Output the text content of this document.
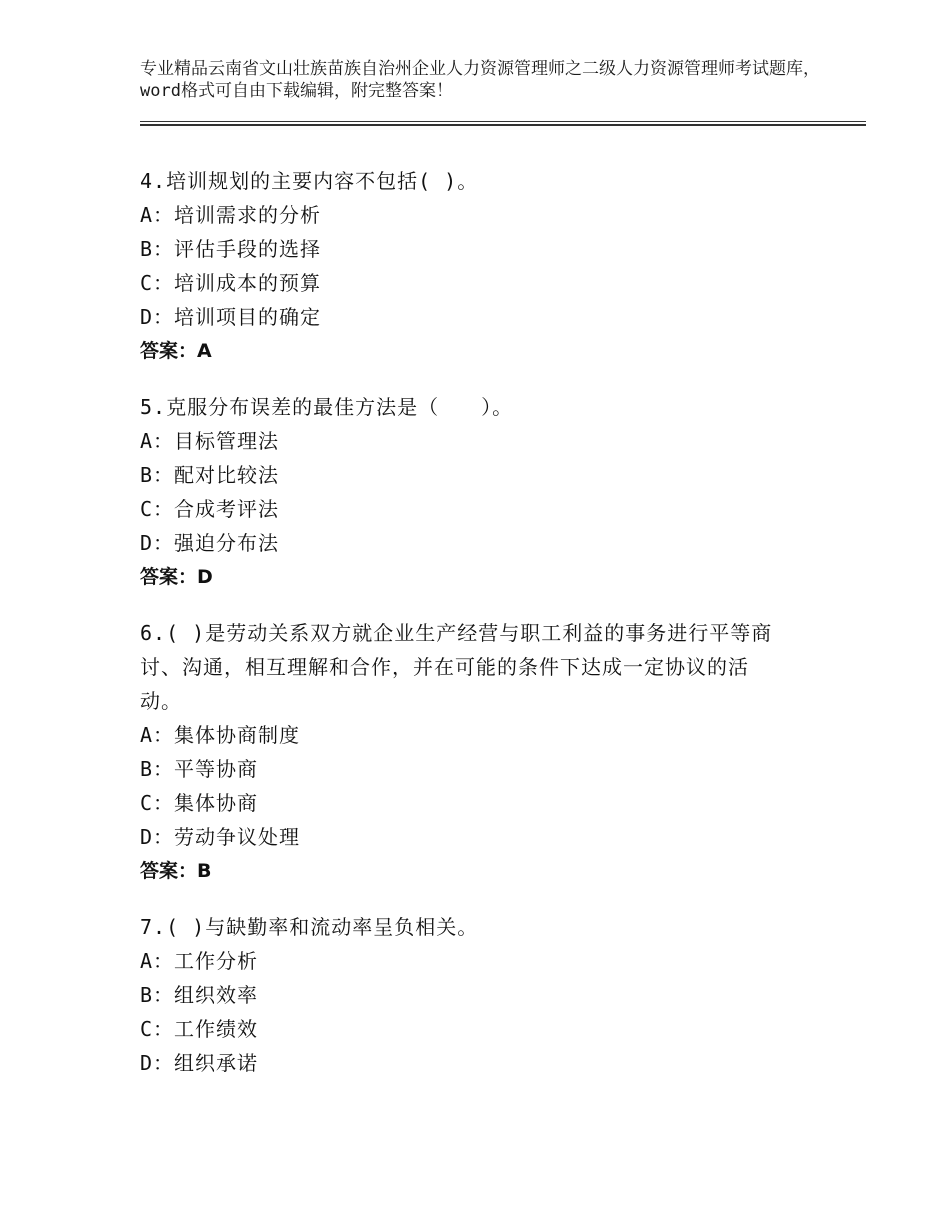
专业精品云南省文山壮族苗族自治州企业人力资源管理师之二级人力资源管理师考试题库，word格式可自由下载编辑，附完整答案！

4.培训规划的主要内容不包括( )。

A：培训需求的分析

B：评估手段的选择

C：培训成本的预算

D：培训项目的确定

答案：A

5.克服分布误差的最佳方法是（　　）。

A：目标管理法

B：配对比较法

C：合成考评法

D：强迫分布法

答案：D

6.( )是劳动关系双方就企业生产经营与职工利益的事务进行平等商讨、沟通，相互理解和合作，并在可能的条件下达成一定协议的活动。

A：集体协商制度

B：平等协商

C：集体协商

D：劳动争议处理

答案：B

7.( )与缺勤率和流动率呈负相关。

A：工作分析

B：组织效率

C：工作绩效

D：组织承诺
